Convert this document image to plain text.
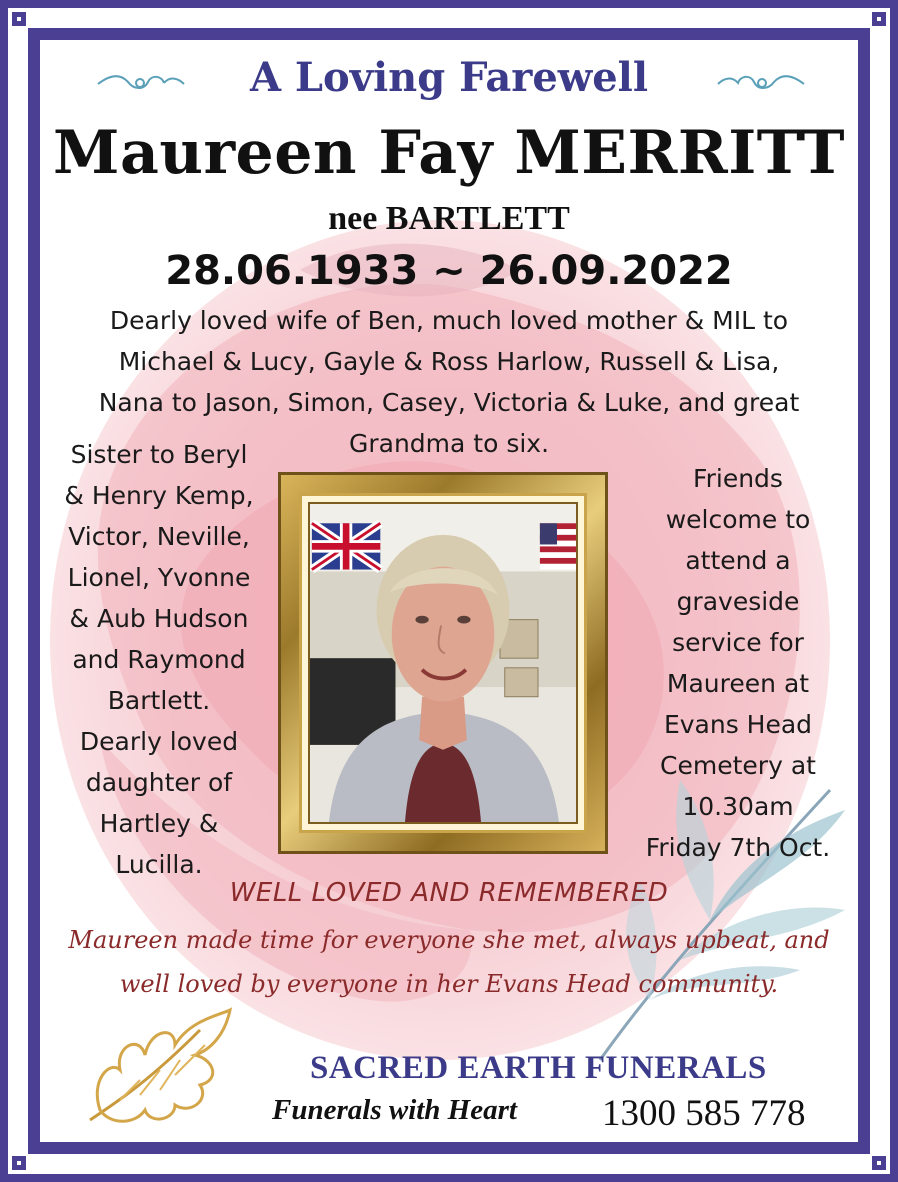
A Loving Farewell
Maureen Fay MERRITT
nee BARTLETT
28.06.1933 ~ 26.09.2022
Dearly loved wife of Ben, much loved mother & MIL to
Michael & Lucy, Gayle & Ross Harlow, Russell & Lisa,
Nana to Jason, Simon, Casey, Victoria & Luke, and great
Grandma to six.
Sister to Beryl
& Henry Kemp,
Victor, Neville,
Lionel, Yvonne
& Aub Hudson
and Raymond
Bartlett.
Dearly loved
daughter of
Hartley &
Lucilla.
Friends
welcome to
attend a
graveside
service for
Maureen at
Evans Head
Cemetery at
10.30am
Friday 7th Oct.
WELL LOVED AND REMEMBERED
Maureen made time for everyone she met, always upbeat, and
well loved by everyone in her Evans Head community.
SACRED EARTH FUNERALS
Funerals with Heart 1300 585 778
